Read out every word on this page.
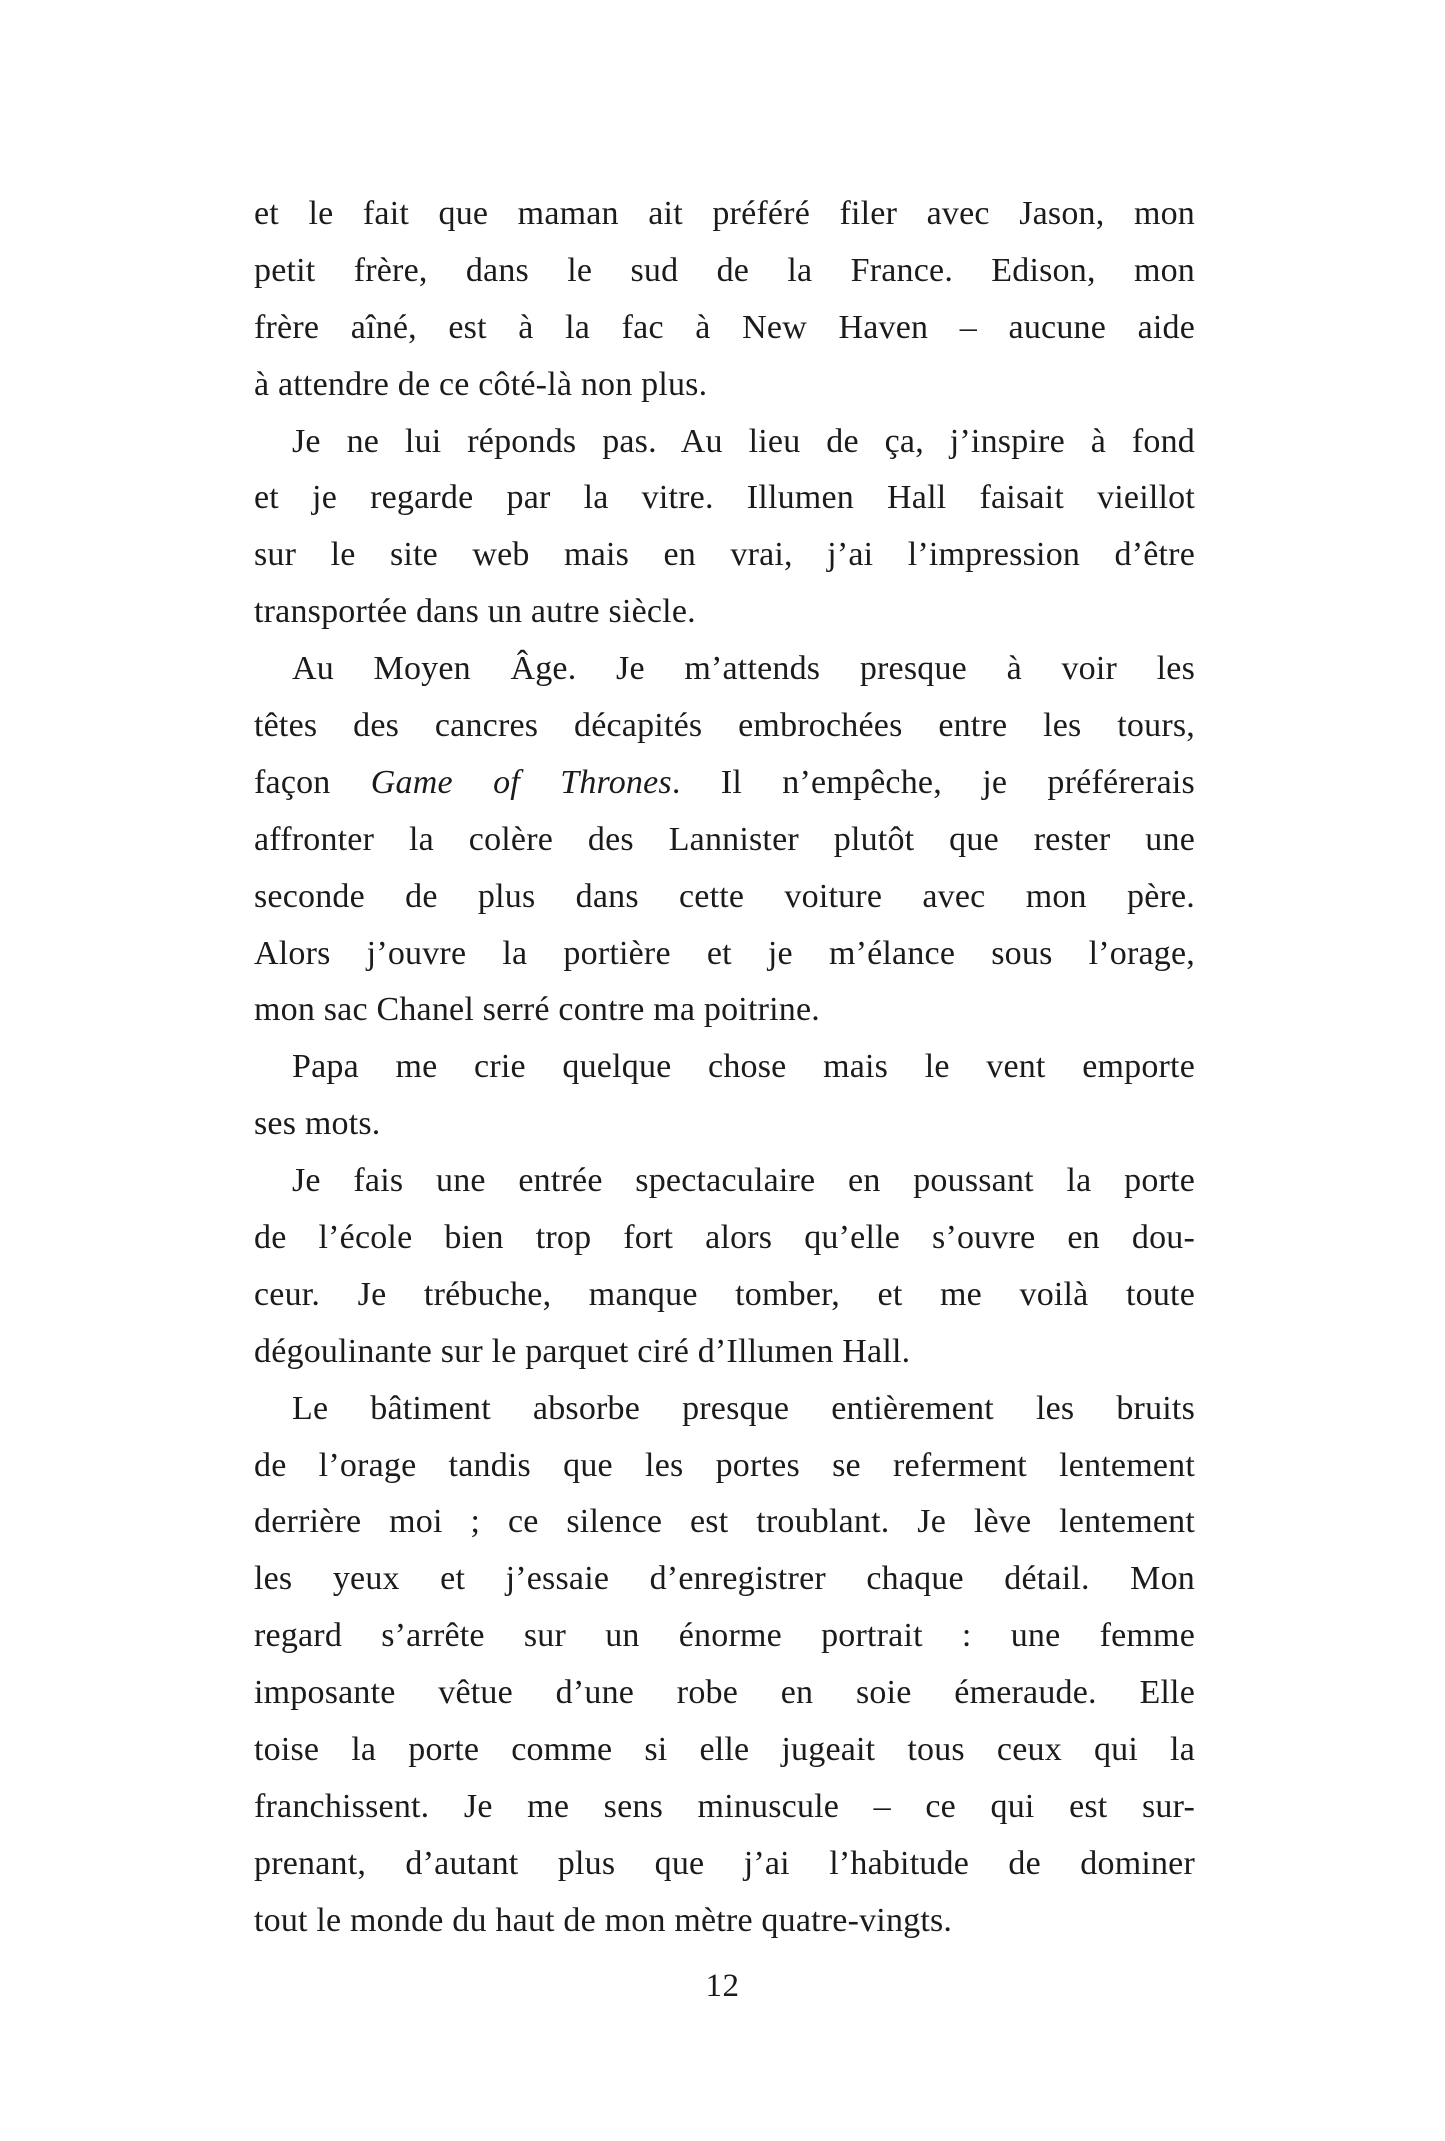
et le fait que maman ait préféré filer avec Jason, mon
petit frère, dans le sud de la France. Edison, mon
frère aîné, est à la fac à New Haven – aucune aide
à attendre de ce côté-là non plus.
Je ne lui réponds pas. Au lieu de ça, j’inspire à fond
et je regarde par la vitre. Illumen Hall faisait vieillot
sur le site web mais en vrai, j’ai l’impression d’être
transportée dans un autre siècle.
Au Moyen Âge. Je m’attends presque à voir les
têtes des cancres décapités embrochées entre les tours,
façon Game of Thrones. Il n’empêche, je préférerais
affronter la colère des Lannister plutôt que rester une
seconde de plus dans cette voiture avec mon père.
Alors j’ouvre la portière et je m’élance sous l’orage,
mon sac Chanel serré contre ma poitrine.
Papa me crie quelque chose mais le vent emporte
ses mots.
Je fais une entrée spectaculaire en poussant la porte
de l’école bien trop fort alors qu’elle s’ouvre en dou-
ceur. Je trébuche, manque tomber, et me voilà toute
dégoulinante sur le parquet ciré d’Illumen Hall.
Le bâtiment absorbe presque entièrement les bruits
de l’orage tandis que les portes se referment lentement
derrière moi ; ce silence est troublant. Je lève lentement
les yeux et j’essaie d’enregistrer chaque détail. Mon
regard s’arrête sur un énorme portrait : une femme
imposante vêtue d’une robe en soie émeraude. Elle
toise la porte comme si elle jugeait tous ceux qui la
franchissent. Je me sens minuscule – ce qui est sur-
prenant, d’autant plus que j’ai l’habitude de dominer
tout le monde du haut de mon mètre quatre-vingts.
12
